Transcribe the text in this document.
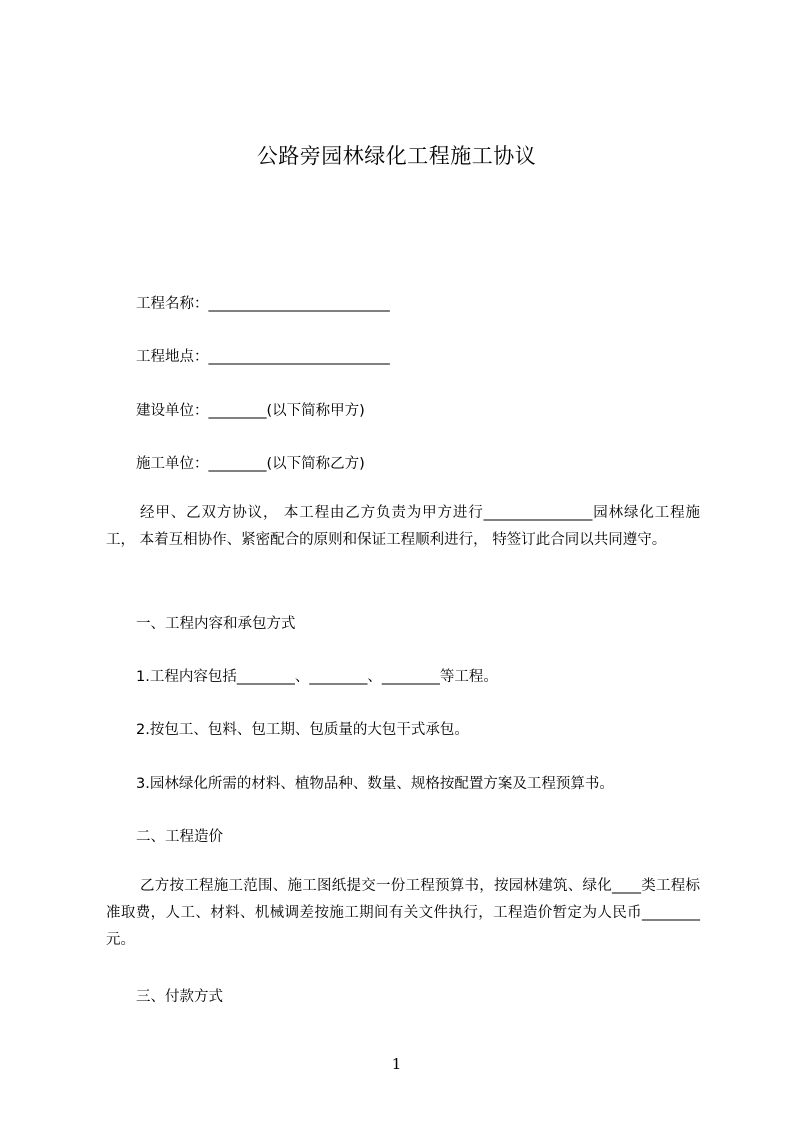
公路旁园林绿化工程施工协议
工程名称：_________________________
工程地点：_________________________
建设单位：________(以下简称甲方)
施工单位：________(以下简称乙方)
经甲、乙双方协议， 本工程由乙方负责为甲方进行_______________园林绿化工程施工， 本着互相协作、紧密配合的原则和保证工程顺利进行， 特签订此合同以共同遵守。
一、工程内容和承包方式
1.工程内容包括________、________、________等工程。
2.按包工、包料、包工期、包质量的大包干式承包。
3.园林绿化所需的材料、植物品种、数量、规格按配置方案及工程预算书。
二、工程造价
乙方按工程施工范围、施工图纸提交一份工程预算书，按园林建筑、绿化____类工程标准取费，人工、材料、机械调差按施工期间有关文件执行，工程造价暂定为人民币________元。
三、付款方式
1
